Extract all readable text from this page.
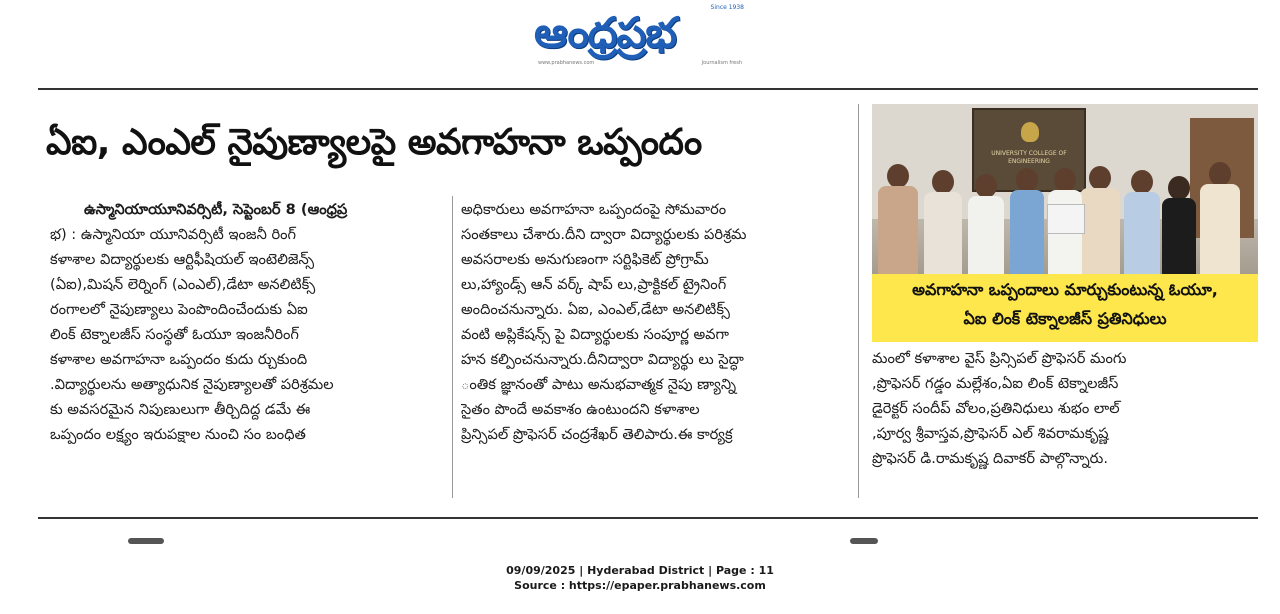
Since 1938
ఆంధ్రప్రభ
www.prabhanews.com	Journalism fresh
ఏఐ, ఎంఎల్ నైపుణ్యాలపై అవగాహనా ఒప్పందం
ఉస్మానియాయూనివర్సిటీ, సెప్టెంబర్ 8 (ఆంధ్రప్ర
భ) : ఉస్మానియా యూనివర్సిటీ ఇంజనీ రింగ్
కళాశాల విద్యార్థులకు ఆర్టిఫీషియల్ ఇంటెలిజెన్స్
(ఏఐ),మిషన్ లెర్నింగ్ (ఎంఎల్),డేటా అనలిటిక్స్
రంగాలలో నైపుణ్యాలు పెంపొందించేందుకు ఏఐ
లింక్ టెక్నాలజీస్ సంస్థతో ఓయూ ఇంజనీరింగ్
కళాశాల అవగాహనా ఒప్పందం కుదు ర్చుకుంది
.విద్యార్థులను అత్యాధునిక నైపుణ్యాలతో పరిశ్రమల
కు అవసరమైన నిపుణులుగా తీర్చిదిద్ద డమే ఈ
ఒప్పందం లక్ష్యం ఇరుపక్షాల నుంచి సం బంధిత
అధికారులు అవగాహనా ఒప్పందంపై సోమవారం
సంతకాలు చేశారు.దీని ద్వారా విద్యార్థులకు పరిశ్రమ
అవసరాలకు అనుగుణంగా సర్టిఫికెట్ ప్రోగ్రామ్
లు,హ్యాండ్స్ ఆన్ వర్క్ షాప్ లు,ప్రాక్టికల్ ట్రైనింగ్
అందించనున్నారు. ఏఐ, ఎంఎల్,డేటా అనలిటిక్స్
వంటి అప్లికేషన్స్ పై విద్యార్థులకు సంపూర్ణ అవగా
హన కల్పించనున్నారు.దీనిద్వారా విద్యార్థు లు సైద్ధా
ంతిక జ్ఞానంతో పాటు అనుభవాత్మక నైపు ణ్యాన్ని
సైతం పొందే అవకాశం ఉంటుందని కళాశాల
ప్రిన్సిపల్ ప్రొఫెసర్ చంద్రశేఖర్ తెలిపారు.ఈ కార్యక్ర
UNIVERSITY COLLEGE OF ENGINEERING
అవగాహనా ఒప్పందాలు మార్చుకుంటున్న ఓయూ,
ఏఐ లింక్ టెక్నాలజీస్ ప్రతినిధులు
మంలో కళాశాల వైస్ ప్రిన్సిపల్ ప్రొఫెసర్ మంగు
,ప్రొఫెసర్ గడ్డం మల్లేశం,ఏఐ లింక్ టెక్నాలజీస్
డైరెక్టర్ సందీప్ వోలం,ప్రతినిధులు శుభం లాల్
,పూర్వ శ్రీవాస్తవ,ప్రొఫెసర్ ఎల్ శివరామకృష్ణ
ప్రొఫెసర్ డి.రామకృష్ణ దివాకర్ పాల్గొన్నారు.
09/09/2025 | Hyderabad District | Page : 11
Source : https://epaper.prabhanews.com
